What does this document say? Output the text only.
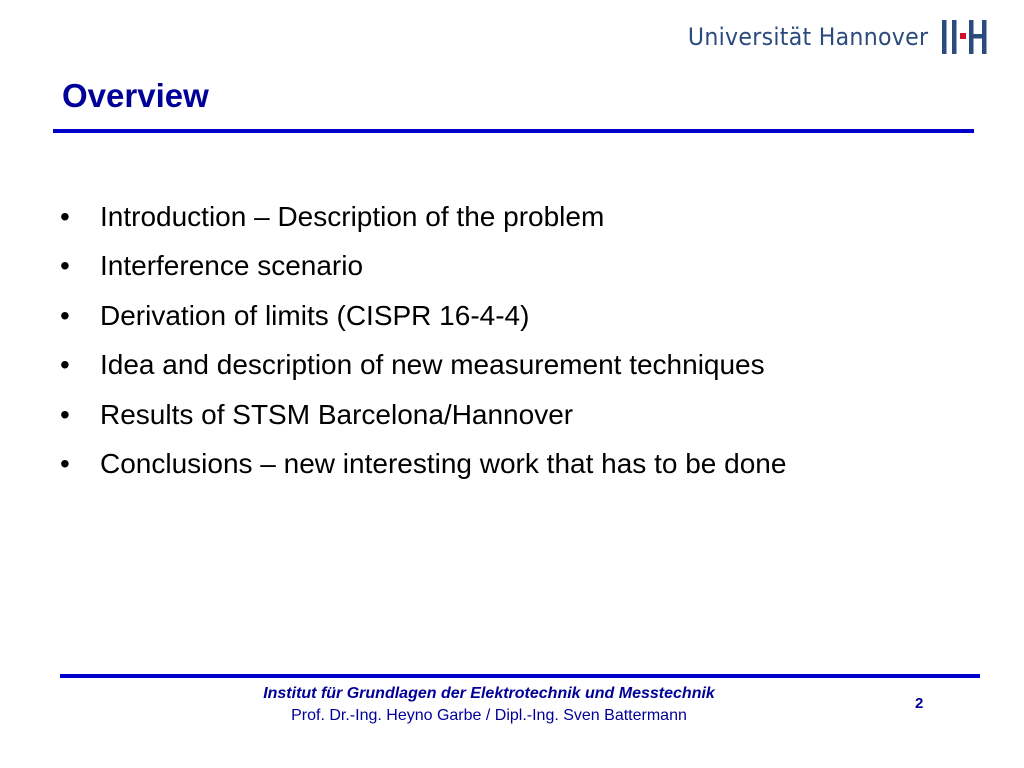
Universität Hannover
Overview
• Introduction – Description of the problem
• Interference scenario
• Derivation of limits (CISPR 16-4-4)
• Idea and description of new measurement techniques
• Results of STSM Barcelona/Hannover
• Conclusions – new interesting work that has to be done
Institut für Grundlagen der Elektrotechnik und Messtechnik
Prof. Dr.-Ing. Heyno Garbe / Dipl.-Ing. Sven Battermann
2
